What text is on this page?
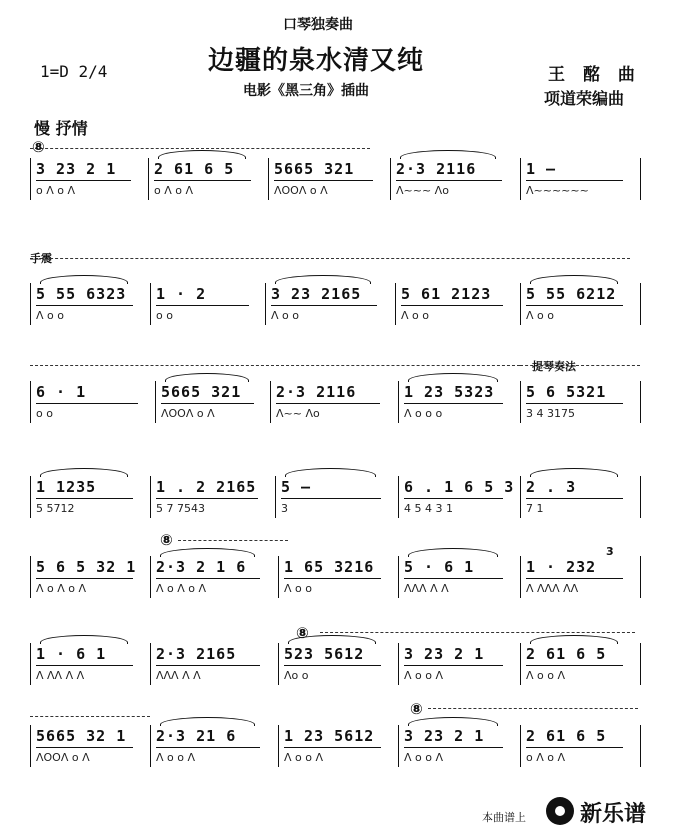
口琴独奏曲
边疆的泉水清又纯
电影《黑三角》插曲
1=D 2/4	王 酩 曲
项道荣编曲
慢 抒情
⑧
⑧
⑧
⑧
手震
提琴奏法
3
3 23 2 1
ο Λ ο Λ
2 61 6 5
ο Λ ο Λ
5665 321
ΛΟΟΛ ο Λ
2·3 2116
Λ~~~ Λο
1 —
Λ~~~~~~
5 55 6323
Λ ο ο
1 · 2
ο ο
3 23 2165
Λ ο ο
5 61 2123
Λ ο ο
5 55 6212
Λ ο ο
6 · 1
ο ο
5665 321
ΛΟΟΛ ο Λ
2·3 2116
Λ~~ Λο
1 23 5323
Λ ο ο ο
5 6 5321
3 4 3175
1 1235
5 5712
1 . 2 2165
5 7 7543
5 —
3
6 . 1 6 5 3
4 5 4 3 1
2 . 3
7 1
5 6 5 32 1
Λ ο Λ ο Λ
2·3 2 1 6
Λ ο Λ ο Λ
1 65 3216
Λ ο ο
5 · 6 1
ΛΛΛ Λ Λ
1 · 232
Λ ΛΛΛ ΛΛ
1 · 6 1
Λ ΛΛ Λ Λ
2·3 2165
ΛΛΛ Λ Λ
523 5612
Λο ο
3 23 2 1
Λ ο ο Λ
2 61 6 5
Λ ο ο Λ
5665 32 1
ΛΟΟΛ ο Λ
2·3 21 6
Λ ο ο Λ
1 23 5612
Λ ο ο Λ
3 23 2 1
Λ ο ο Λ
2 61 6 5
ο Λ ο Λ
本曲谱上 新乐谱
